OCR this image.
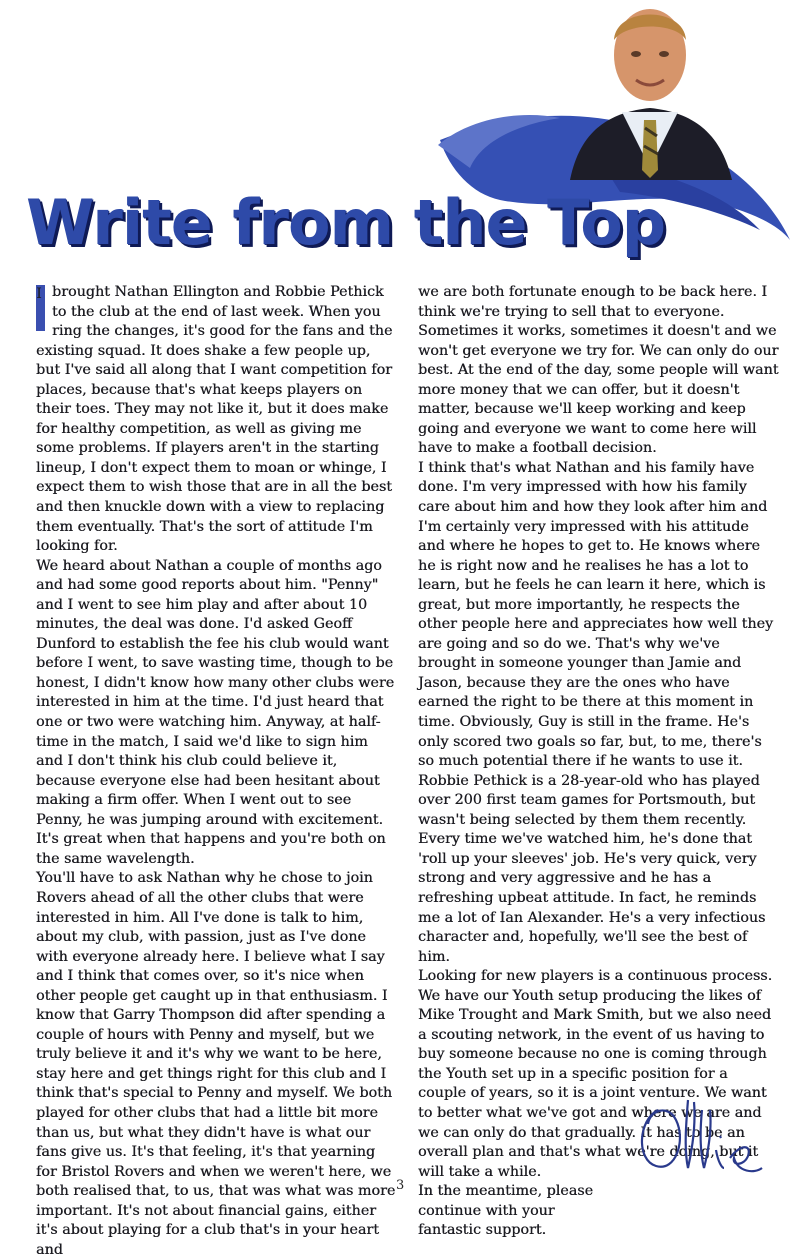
Write from the Top

I brought Nathan Ellington and Robbie Pethick to the club at the end of last week. When you ring the changes, it's good for the fans and the existing squad. It does shake a few people up, but I've said all along that I want competition for places, because that's what keeps players on their toes. They may not like it, but it does make for healthy competition, as well as giving me some problems. If players aren't in the starting lineup, I don't expect them to moan or whinge, I expect them to wish those that are in all the best and then knuckle down with a view to replacing them eventually. That's the sort of attitude I'm looking for.

We heard about Nathan a couple of months ago and had some good reports about him. "Penny" and I went to see him play and after about 10 minutes, the deal was done. I'd asked Geoff Dunford to establish the fee his club would want before I went, to save wasting time, though to be honest, I didn't know how many other clubs were interested in him at the time. I'd just heard that one or two were watching him. Anyway, at half-time in the match, I said we'd like to sign him and I don't think his club could believe it, because everyone else had been hesitant about making a firm offer. When I went out to see Penny, he was jumping around with excitement. It's great when that happens and you're both on the same wavelength.

You'll have to ask Nathan why he chose to join Rovers ahead of all the other clubs that were interested in him. All I've done is talk to him, about my club, with passion, just as I've done with everyone already here. I believe what I say and I think that comes over, so it's nice when other people get caught up in that enthusiasm. I know that Garry Thompson did after spending a couple of hours with Penny and myself, but we truly believe it and it's why we want to be here, stay here and get things right for this club and I think that's special to Penny and myself. We both played for other clubs that had a little bit more than us, but what they didn't have is what our fans give us. It's that feeling, it's that yearning for Bristol Rovers and when we weren't here, we both realised that, to us, that was what was more important. It's not about financial gains, either it's about playing for a club that's in your heart and

we are both fortunate enough to be back here. I think we're trying to sell that to everyone. Sometimes it works, sometimes it doesn't and we won't get everyone we try for. We can only do our best. At the end of the day, some people will want more money that we can offer, but it doesn't matter, because we'll keep working and keep going and everyone we want to come here will have to make a football decision.

I think that's what Nathan and his family have done. I'm very impressed with how his family care about him and how they look after him and I'm certainly very impressed with his attitude and where he hopes to get to. He knows where he is right now and he realises he has a lot to learn, but he feels he can learn it here, which is great, but more importantly, he respects the other people here and appreciates how well they are going and so do we. That's why we've brought in someone younger than Jamie and Jason, because they are the ones who have earned the right to be there at this moment in time. Obviously, Guy is still in the frame. He's only scored two goals so far, but, to me, there's so much potential there if he wants to use it. Robbie Pethick is a 28-year-old who has played over 200 first team games for Portsmouth, but wasn't being selected by them them recently. Every time we've watched him, he's done that 'roll up your sleeves' job. He's very quick, very strong and very aggressive and he has a refreshing upbeat attitude. In fact, he reminds me a lot of Ian Alexander. He's a very infectious character and, hopefully, we'll see the best of him.

Looking for new players is a continuous process. We have our Youth setup producing the likes of Mike Trought and Mark Smith, but we also need a scouting network, in the event of us having to buy someone because no one is coming through the Youth set up in a specific position for a couple of years, so it is a joint venture. We want to better what we've got and where we are and we can only do that gradually. It has to be an overall plan and that's what we're doing, but it will take a while.

In the meantime, please continue with your fantastic support.

3
